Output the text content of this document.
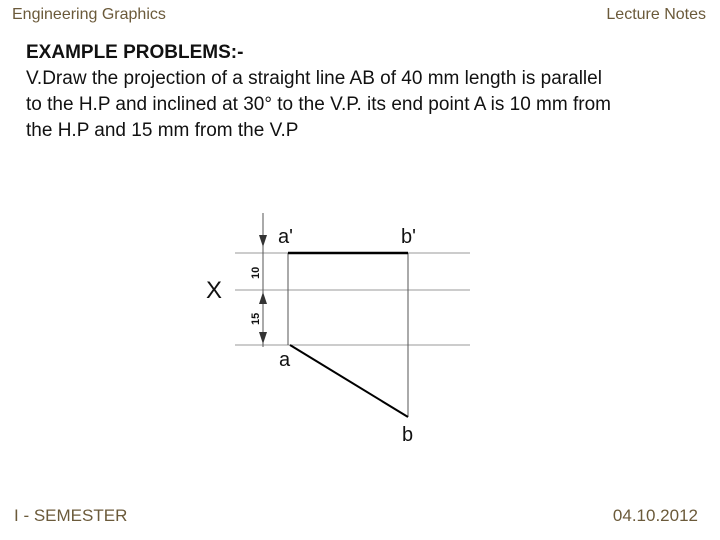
Engineering Graphics	Lecture Notes
EXAMPLE PROBLEMS:-
V.Draw the projection of a straight line AB of 40 mm length is parallel
to the H.P and inclined at 30° to the V.P. its end point A is 10 mm from
the H.P and 15 mm from the V.P
a'	b'
X
a
b
10
15
I - SEMESTER	04.10.2012
